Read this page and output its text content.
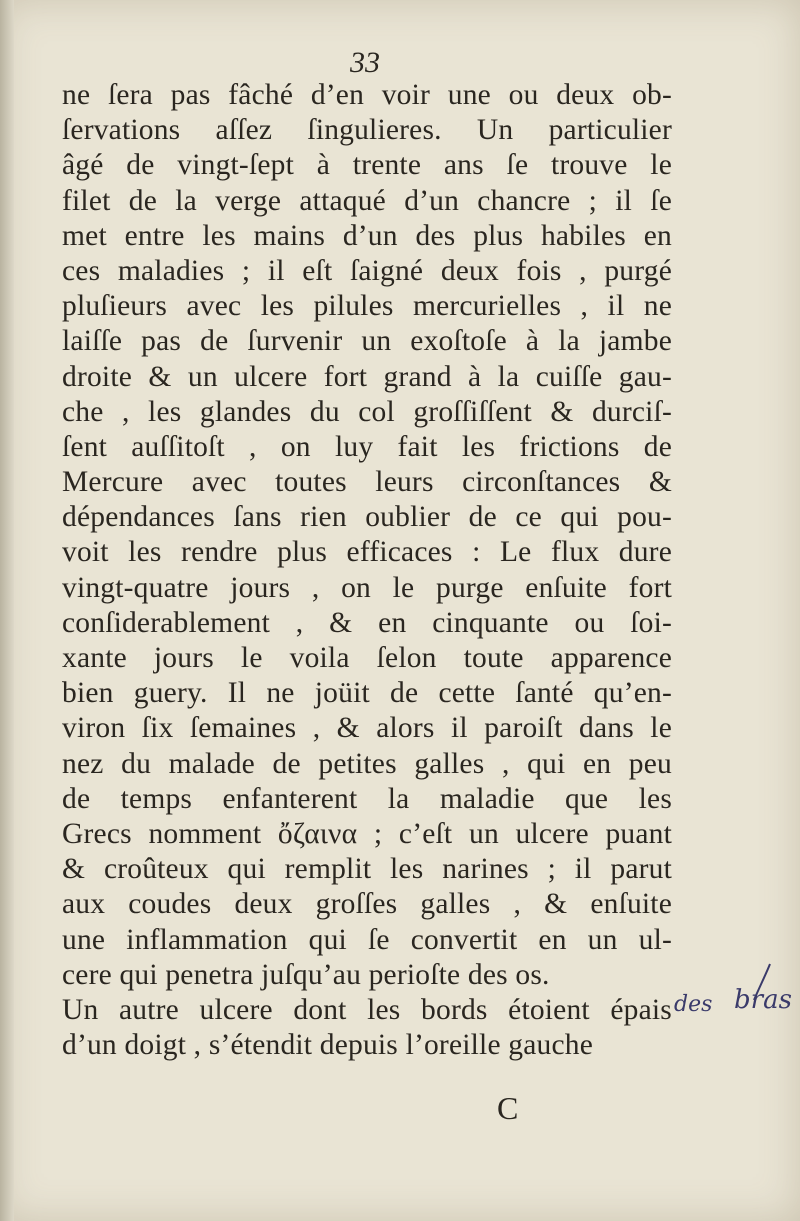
33
ne ſera pas fâché d’en voir une ou deux ob-
ſervations aſſez ſingulieres. Un particulier
âgé de vingt-ſept à trente ans ſe trouve le
filet de la verge attaqué d’un chancre ; il ſe
met entre les mains d’un des plus habiles en
ces maladies ; il eſt ſaigné deux fois , purgé
pluſieurs avec les pilules mercurielles , il ne
laiſſe pas de ſurvenir un exoſtoſe à la jambe
droite & un ulcere fort grand à la cuiſſe gau-
che , les glandes du col groſſiſſent & durciſ-
ſent auſſitoſt , on luy fait les frictions de
Mercure avec toutes leurs circonſtances &
dépendances ſans rien oublier de ce qui pou-
voit les rendre plus efficaces : Le flux dure
vingt-quatre jours , on le purge enſuite fort
conſiderablement , & en cinquante ou ſoi-
xante jours le voila ſelon toute apparence
bien guery. Il ne joüit de cette ſanté qu’en-
viron ſix ſemaines , & alors il paroiſt dans le
nez du malade de petites galles , qui en peu
de temps enfanterent la maladie que les
Grecs nomment ὄζαινα ; c’eſt un ulcere puant
& croûteux qui remplit les narines ; il parut
aux coudes deux groſſes galles , & enſuite
une inflammation qui ſe convertit en un ul-
cere qui penetra juſqu’au perioſte des os.
Un autre ulcere dont les bords étoient épais
d’un doigt , s’étendit depuis l’oreille gauche
des bras
C
